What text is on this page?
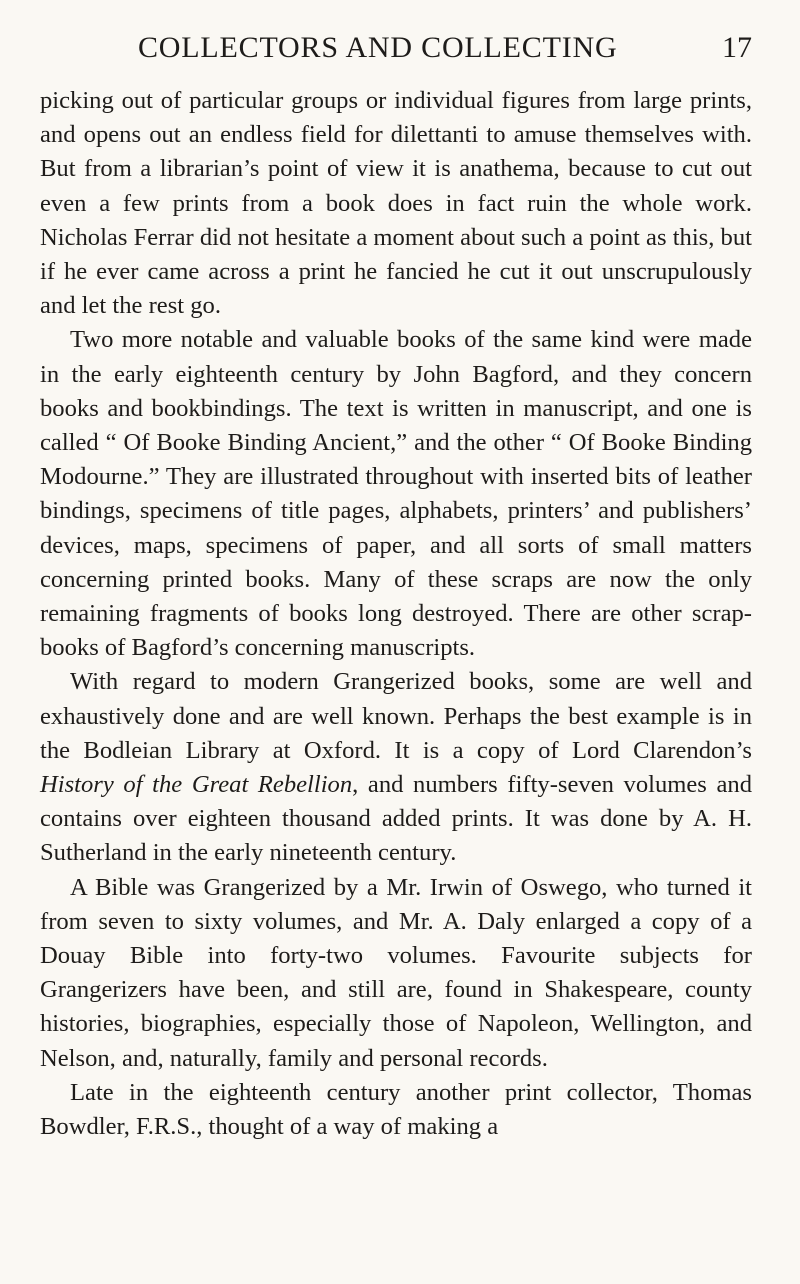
COLLECTORS AND COLLECTING	17

picking out of particular groups or individual figures from large prints, and opens out an endless field for dilettanti to amuse themselves with. But from a librarian’s point of view it is anathema, because to cut out even a few prints from a book does in fact ruin the whole work. Nicholas Ferrar did not hesitate a moment about such a point as this, but if he ever came across a print he fancied he cut it out unscrupulously and let the rest go.

Two more notable and valuable books of the same kind were made in the early eighteenth century by John Bagford, and they concern books and bookbindings. The text is written in manuscript, and one is called “ Of Booke Binding Ancient,” and the other “ Of Booke Binding Modourne.” They are illustrated throughout with inserted bits of leather bindings, specimens of title pages, alphabets, printers’ and publishers’ devices, maps, specimens of paper, and all sorts of small matters concerning printed books. Many of these scraps are now the only remaining fragments of books long destroyed. There are other scrap-books of Bagford’s concerning manuscripts.

With regard to modern Grangerized books, some are well and exhaustively done and are well known. Perhaps the best example is in the Bodleian Library at Oxford. It is a copy of Lord Clarendon’s History of the Great Rebellion, and numbers fifty-seven volumes and contains over eighteen thousand added prints. It was done by A. H. Sutherland in the early nineteenth century.

A Bible was Grangerized by a Mr. Irwin of Oswego, who turned it from seven to sixty volumes, and Mr. A. Daly enlarged a copy of a Douay Bible into forty-two volumes. Favourite subjects for Grangerizers have been, and still are, found in Shakespeare, county histories, biographies, especially those of Napoleon, Wellington, and Nelson, and, naturally, family and personal records.

Late in the eighteenth century another print collector, Thomas Bowdler, F.R.S., thought of a way of making a
